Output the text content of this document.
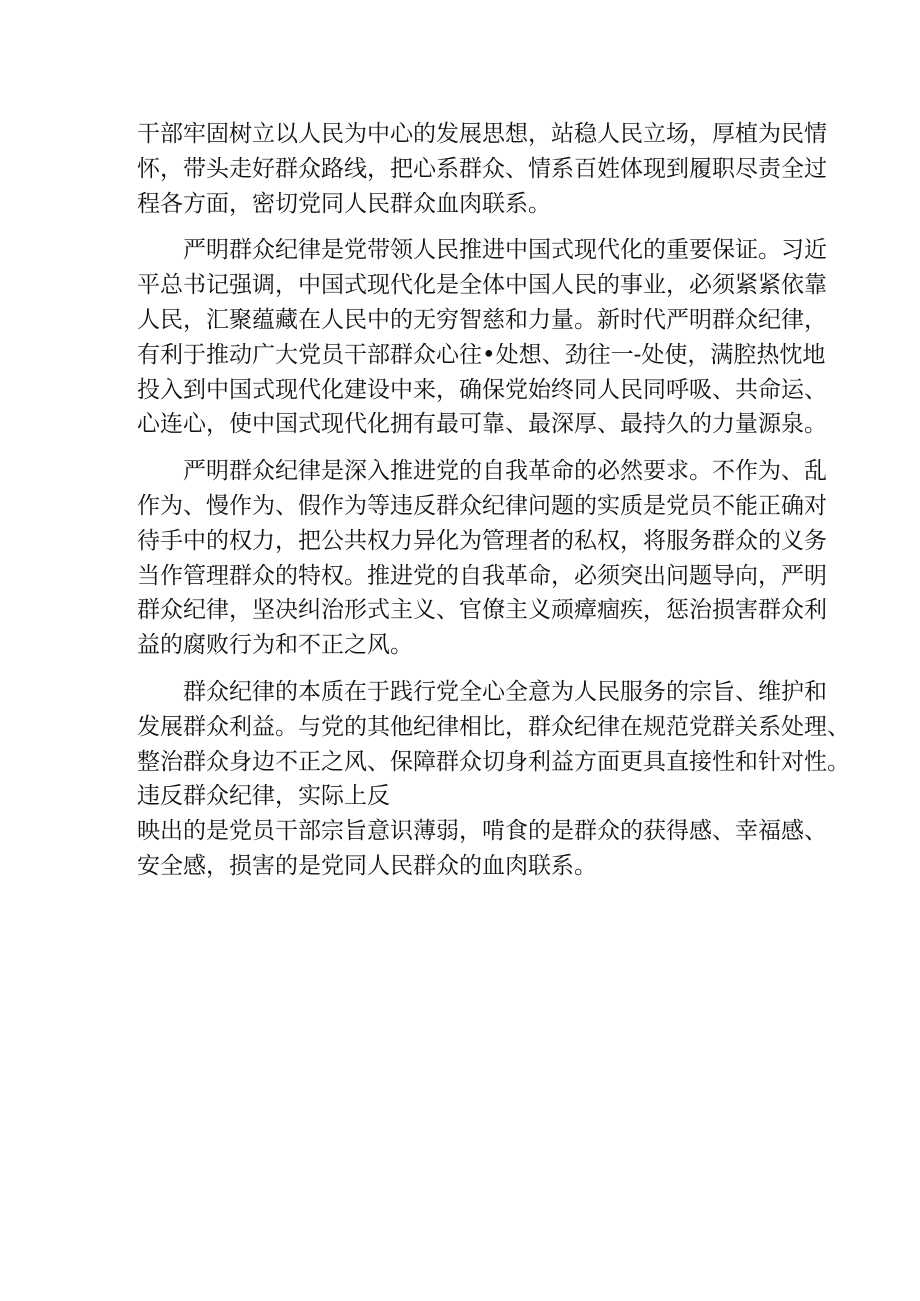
干部牢固树立以人民为中心的发展思想，站稳人民立场，厚植为民情
怀，带头走好群众路线，把心系群众、情系百姓体现到履职尽责全过
程各方面，密切党同人民群众血肉联系。
严明群众纪律是党带领人民推进中国式现代化的重要保证。习近
平总书记强调，中国式现代化是全体中国人民的事业，必须紧紧依靠
人民，汇聚蕴藏在人民中的无穷智慈和力量。新时代严明群众纪律，
有利于推动广大党员干部群众心往•处想、劲往一-处使，满腔热忱地
投入到中国式现代化建设中来，确保党始终同人民同呼吸、共命运、
心连心，使中国式现代化拥有最可靠、最深厚、最持久的力量源泉。
严明群众纪律是深入推进党的自我革命的必然要求。不作为、乱
作为、慢作为、假作为等违反群众纪律问题的实质是党员不能正确对
待手中的权力，把公共权力异化为管理者的私权，将服务群众的义务
当作管理群众的特权。推进党的自我革命，必须突出问题导向，严明
群众纪律，坚决纠治形式主义、官僚主义顽瘴痼疾，惩治损害群众利
益的腐败行为和不正之风。
群众纪律的本质在于践行党全心全意为人民服务的宗旨、维护和
发展群众利益。与党的其他纪律相比，群众纪律在规范党群关系处理、
整治群众身边不正之风、保障群众切身利益方面更具直接性和针对性。
违反群众纪律，实际上反
映出的是党员干部宗旨意识薄弱，啃食的是群众的获得感、幸福感、
安全感，损害的是党同人民群众的血肉联系。
